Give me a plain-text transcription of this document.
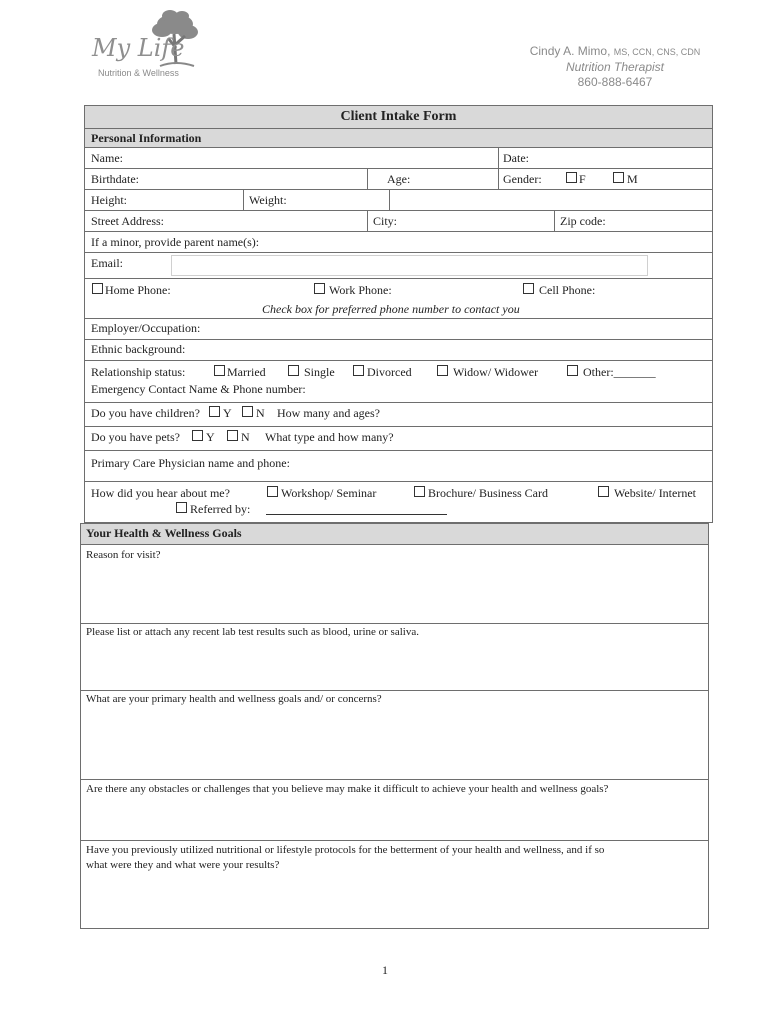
My Life
Nutrition & Wellness
Cindy A. Mimo, MS, CCN, CNS, CDN
Nutrition Therapist
860-888-6467
Client Intake Form
Personal Information
Name:	Date:
Birthdate:	Age:	Gender:	F	M
Height:	Weight:
Street Address:	City:	Zip code:
If a minor, provide parent name(s):
Email:
Home Phone:	Work Phone:	Cell Phone:
Check box for preferred phone number to contact you
Employer/Occupation:
Ethnic background:
Relationship status:	Married	Single	Divorced	Widow/ Widower	Other:_______
Emergency Contact Name & Phone number:
Do you have children? Y N How many and ages?
Do you have pets? Y N What type and how many?
Primary Care Physician name and phone:
How did you hear about me?	Workshop/ Seminar	Brochure/ Business Card	Website/ Internet
Referred by:
Your Health & Wellness Goals
Reason for visit?
Please list or attach any recent lab test results such as blood, urine or saliva.
What are your primary health and wellness goals and/ or concerns?
Are there any obstacles or challenges that you believe may make it difficult to achieve your health and wellness goals?
Have you previously utilized nutritional or lifestyle protocols for the betterment of your health and wellness, and if so
what were they and what were your results?
1
